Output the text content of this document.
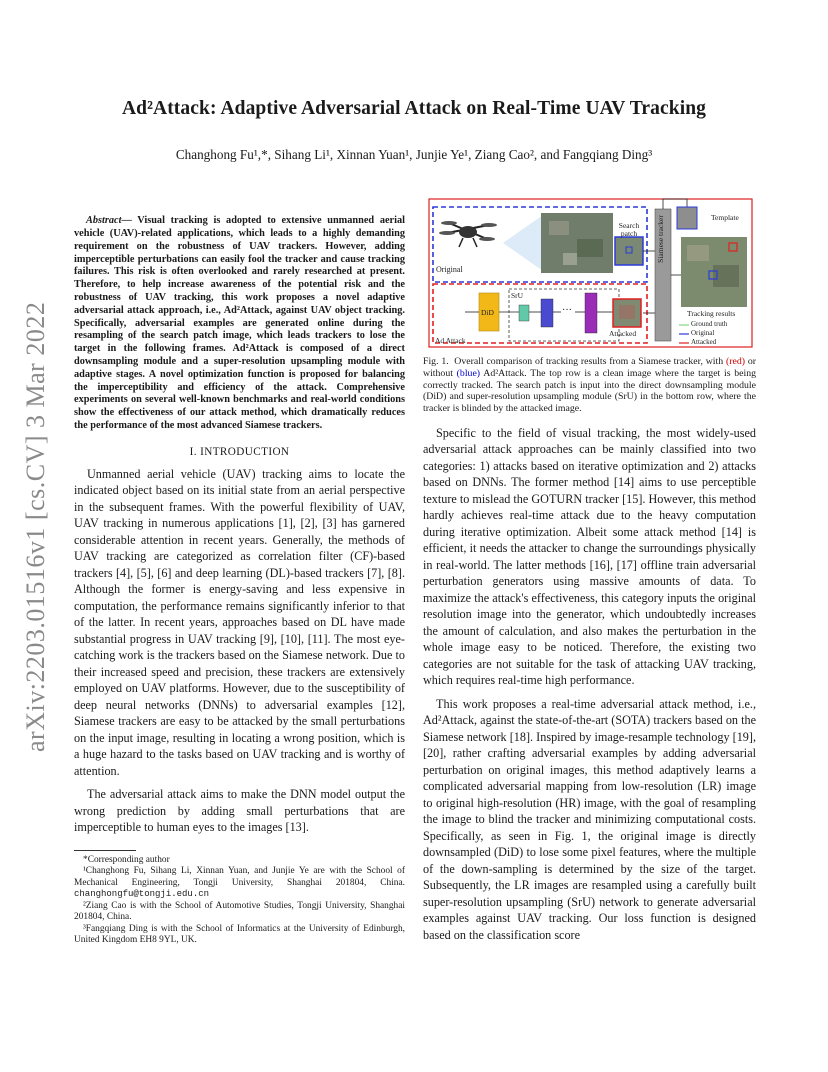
Ad²Attack: Adaptive Adversarial Attack on Real-Time UAV Tracking
Changhong Fu¹,*, Sihang Li¹, Xinnan Yuan¹, Junjie Ye¹, Ziang Cao², and Fangqiang Ding³
arXiv:2203.01516v1 [cs.CV] 3 Mar 2022

Abstract— Visual tracking is adopted to extensive unmanned aerial vehicle (UAV)-related applications, which leads to a highly demanding requirement on the robustness of UAV trackers. However, adding imperceptible perturbations can easily fool the tracker and cause tracking failures. This risk is often overlooked and rarely researched at present. Therefore, to help increase awareness of the potential risk and the robustness of UAV tracking, this work proposes a novel adaptive adversarial attack approach, i.e., Ad²Attack, against UAV object tracking. Specifically, adversarial examples are generated online during the resampling of the search patch image, which leads trackers to lose the target in the following frames. Ad²Attack is composed of a direct downsampling module and a super-resolution upsampling module with adaptive stages. A novel optimization function is proposed for balancing the imperceptibility and efficiency of the attack. Comprehensive experiments on several well-known benchmarks and real-world conditions show the effectiveness of our attack method, which dramatically reduces the performance of the most advanced Siamese trackers.

I. INTRODUCTION

Unmanned aerial vehicle (UAV) tracking aims to locate the indicated object based on its initial state from an aerial perspective in the subsequent frames. With the powerful flexibility of UAV, UAV tracking in numerous applications [1], [2], [3] has garnered considerable attention in recent years. Generally, the methods of UAV tracking are categorized as correlation filter (CF)-based trackers [4], [5], [6] and deep learning (DL)-based trackers [7], [8]. Although the former is energy-saving and less expensive in computation, the performance remains significantly inferior to that of the latter. In recent years, approaches based on DL have made substantial progress in UAV tracking [9], [10], [11]. The most eye-catching work is the trackers based on the Siamese network. Due to their increased speed and precision, these trackers are extensively employed on UAV platforms. However, due to the susceptibility of deep neural networks (DNNs) to adversarial examples [12], Siamese trackers are easy to be attacked by the small perturbations on the input image, resulting in locating a wrong position, which is a huge hazard to the tasks based on UAV tracking and is worthy of attention.

The adversarial attack aims to make the DNN model output the wrong prediction by adding small perturbations that are imperceptible to human eyes to the images [13].

*Corresponding author

¹Changhong Fu, Sihang Li, Xinnan Yuan, and Junjie Ye are with the School of Mechanical Engineering, Tongji University, Shanghai 201804, China. changhongfu@tongji.edu.cn

²Ziang Cao is with the School of Automotive Studies, Tongji University, Shanghai 201804, China.

³Fangqiang Ding is with the School of Informatics at the University of Edinburgh, United Kingdom EH8 9YL, UK.

Original
Ad Attack
Search patch
SrU
DiD	···
Attacked
Siamese tracker	Template
Tracking results
Ground truth
Original
Attacked

Fig. 1. Overall comparison of tracking results from a Siamese tracker, with (red) or without (blue) Ad²Attack. The top row is a clean image where the target is being correctly tracked. The search patch is input into the direct downsampling module (DiD) and super-resolution upsampling module (SrU) in the bottom row, where the tracker is blinded by the attacked image.

Specific to the field of visual tracking, the most widely-used adversarial attack approaches can be mainly classified into two categories: 1) attacks based on iterative optimization and 2) attacks based on DNNs. The former method [14] aims to use perceptible texture to mislead the GOTURN tracker [15]. However, this method hardly achieves real-time attack due to the heavy computation during iterative optimization. Albeit some attack method [14] is efficient, it needs the attacker to change the surroundings physically in real-world. The latter methods [16], [17] offline train adversarial perturbation generators using massive amounts of data. To maximize the attack's effectiveness, this category inputs the original resolution image into the generator, which undoubtedly increases the amount of calculation, and also makes the perturbation in the whole image easy to be noticed. Therefore, the existing two categories are not suitable for the task of attacking UAV tracking, which requires real-time high performance.

This work proposes a real-time adversarial attack method, i.e., Ad²Attack, against the state-of-the-art (SOTA) trackers based on the Siamese network [18]. Inspired by image-resample technology [19], [20], rather crafting adversarial examples by adding adversarial perturbation on original images, this method adaptively learns a complicated adversarial mapping from low-resolution (LR) image to original high-resolution (HR) image, with the goal of resampling the image to blind the tracker and minimizing computational costs. Specifically, as seen in Fig. 1, the original image is directly downsampled (DiD) to lose some pixel features, where the multiple of the down-sampling is determined by the size of the target. Subsequently, the LR images are resampled using a carefully built super-resolution upsampling (SrU) network to generate adversarial examples against UAV tracking. Our loss function is designed based on the classification score
